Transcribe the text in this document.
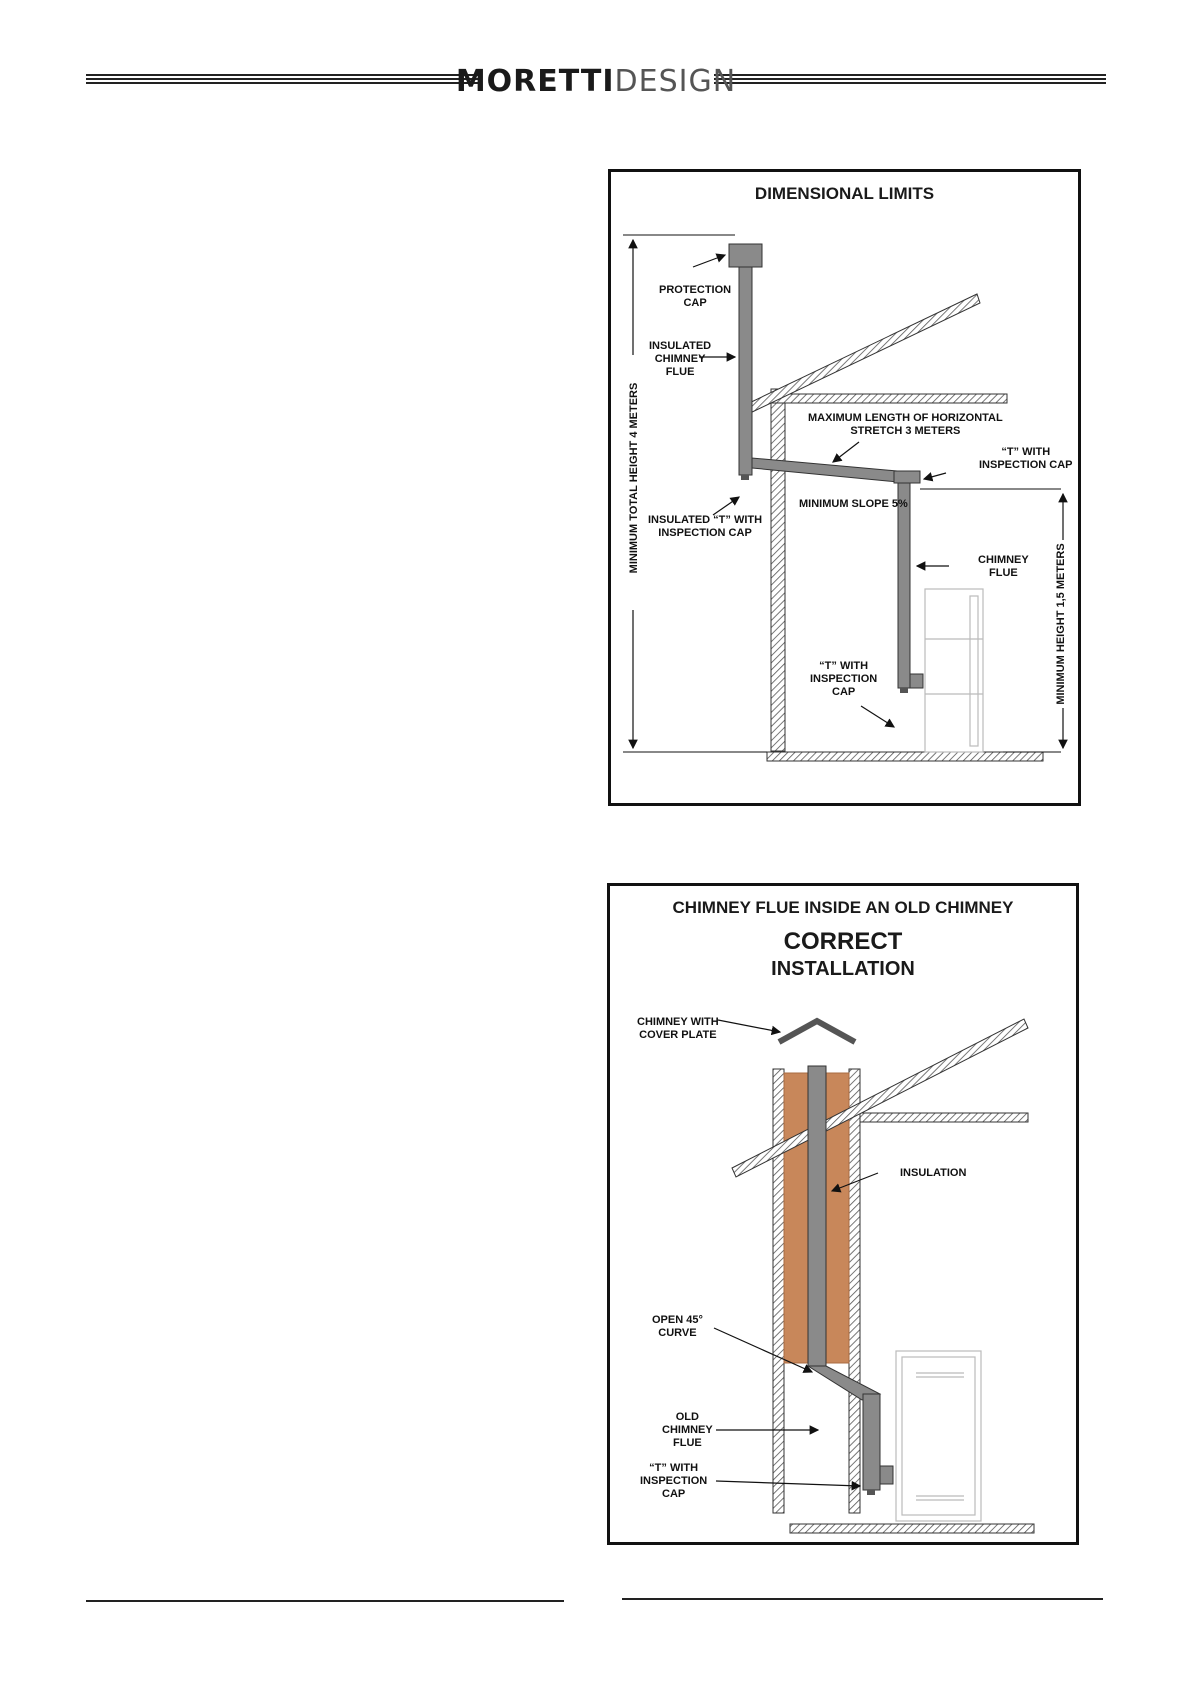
MORETTIDESIGN
DIMENSIONAL LIMITS
PROTECTION
CAP
INSULATED
CHIMNEY
FLUE
MAXIMUM LENGTH OF HORIZONTAL
STRETCH 3 METERS
“T” WITH
INSPECTION CAP
INSULATED “T” WITH
INSPECTION CAP
MINIMUM SLOPE 5%
CHIMNEY
FLUE
“T” WITH
INSPECTION
CAP
MINIMUM TOTAL HEIGHT 4 METERS
MINIMUM HEIGHT 1,5 METERS
CHIMNEY FLUE INSIDE AN OLD CHIMNEY
CORRECT
INSTALLATION
CHIMNEY WITH
COVER PLATE
INSULATION
OPEN 45°
CURVE
OLD
CHIMNEY
FLUE
“T” WITH
INSPECTION
CAP
